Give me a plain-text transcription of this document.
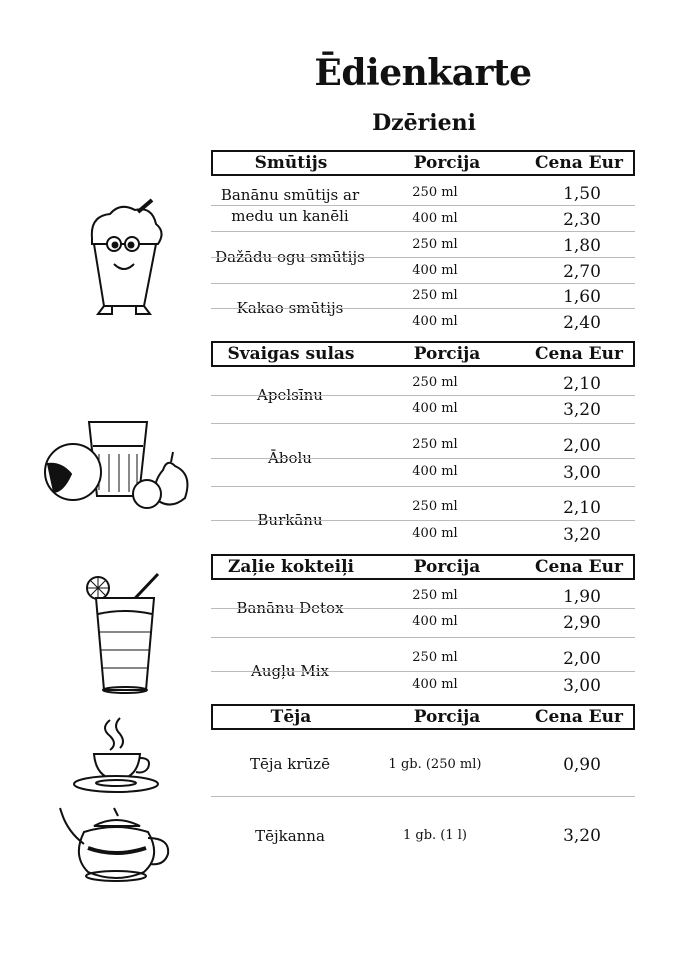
Ēdienkarte
Dzērieni
Smūtijs	Porcija	Cena Eur
Banānu smūtijs ar medu un kanēli
250 ml	1,50
400 ml	2,30
Dažādu ogu smūtijs
250 ml	1,80
400 ml	2,70
Kakao smūtijs
250 ml	1,60
400 ml	2,40
Svaigas sulas	Porcija	Cena Eur
Apelsīnu
250 ml	2,10
400 ml	3,20
Ābolu
250 ml	2,00
400 ml	3,00
Burkānu
250 ml	2,10
400 ml	3,20
Zaļie kokteiļi	Porcija	Cena Eur
Banānu Detox
250 ml	1,90
400 ml	2,90
Augļu Mix
250 ml	2,00
400 ml	3,00
Tēja	Porcija	Cena Eur
Tēja krūzē	1 gb. (250 ml)	0,90
Tējkanna	1 gb. (1 l)	3,20
